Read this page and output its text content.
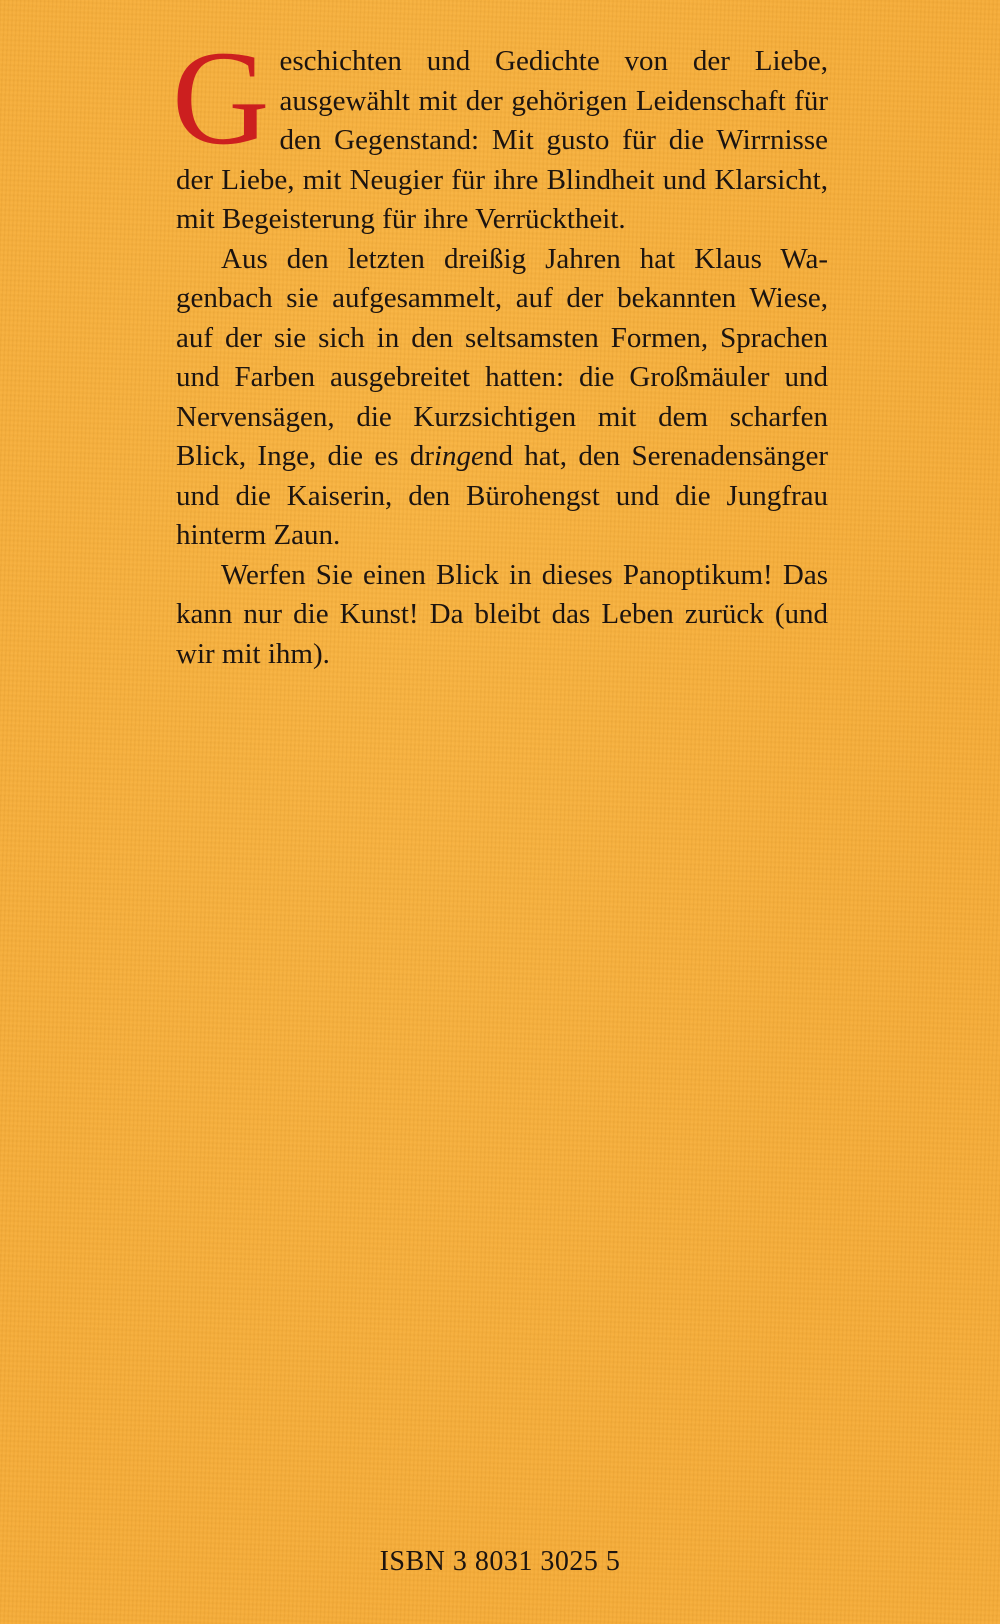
Geschichten und Gedichte von der Liebe, ausgewählt mit der gehörigen Leidenschaft für den Gegenstand: Mit gusto für die Wirrnisse der Liebe, mit Neugier für ihre Blindheit und Klarsicht, mit Begeisterung für ihre Verrücktheit.

Aus den letzten dreißig Jahren hat Klaus Wagenbach sie aufgesammelt, auf der bekannten Wiese, auf der sie sich in den seltsamsten Formen, Sprachen und Farben ausgebreitet hatten: die Großmäuler und Nervensägen, die Kurzsichtigen mit dem scharfen Blick, Inge, die es dringend hat, den Serenadensänger und die Kaiserin, den Bürohengst und die Jungfrau hinterm Zaun.

Werfen Sie einen Blick in dieses Panoptikum! Das kann nur die Kunst! Da bleibt das Leben zurück (und wir mit ihm).

ISBN 3 8031 3025 5
